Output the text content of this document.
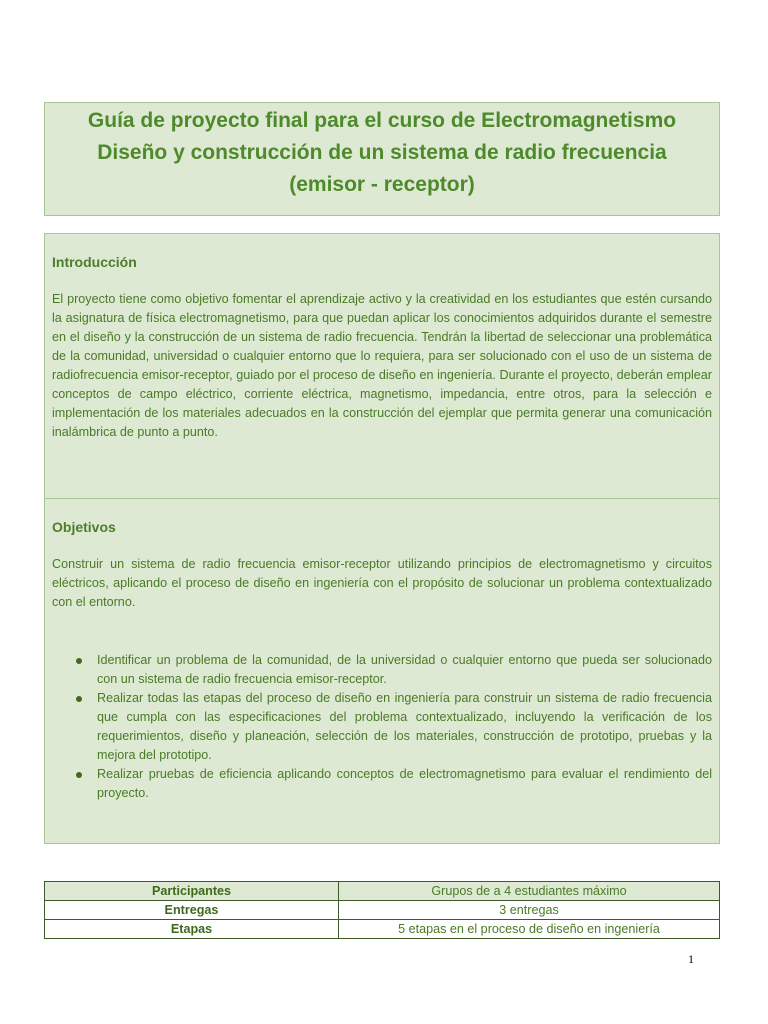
Guía de proyecto final para el curso de Electromagnetismo
Diseño y construcción de un sistema de radio frecuencia
(emisor - receptor)
Introducción
El proyecto tiene como objetivo fomentar el aprendizaje activo y la creatividad en los estudiantes que estén cursando la asignatura de física electromagnetismo, para que puedan aplicar los conocimientos adquiridos durante el semestre en el diseño y la construcción de un sistema de radio frecuencia. Tendrán la libertad de seleccionar una problemática de la comunidad, universidad o cualquier entorno que lo requiera, para ser solucionado con el uso de un sistema de radiofrecuencia emisor-receptor, guiado por el proceso de diseño en ingeniería. Durante el proyecto, deberán emplear conceptos de campo eléctrico, corriente eléctrica, magnetismo, impedancia, entre otros, para la selección e implementación de los materiales adecuados en la construcción del ejemplar que permita generar una comunicación inalámbrica de punto a punto.
Objetivos
Construir un sistema de radio frecuencia emisor-receptor utilizando principios de electromagnetismo y circuitos eléctricos, aplicando el proceso de diseño en ingeniería con el propósito de solucionar un problema contextualizado con el entorno.
Identificar un problema de la comunidad, de la universidad o cualquier entorno que pueda ser solucionado con un sistema de radio frecuencia emisor-receptor.
Realizar todas las etapas del proceso de diseño en ingeniería para construir un sistema de radio frecuencia que cumpla con las especificaciones del problema contextualizado, incluyendo la verificación de los requerimientos, diseño y planeación, selección de los materiales, construcción de prototipo, pruebas y la mejora del prototipo.
Realizar pruebas de eficiencia aplicando conceptos de electromagnetismo para evaluar el rendimiento del proyecto.
Participantes	Grupos de a 4 estudiantes máximo
Entregas	3 entregas
Etapas	5 etapas en el proceso de diseño en ingeniería
1
